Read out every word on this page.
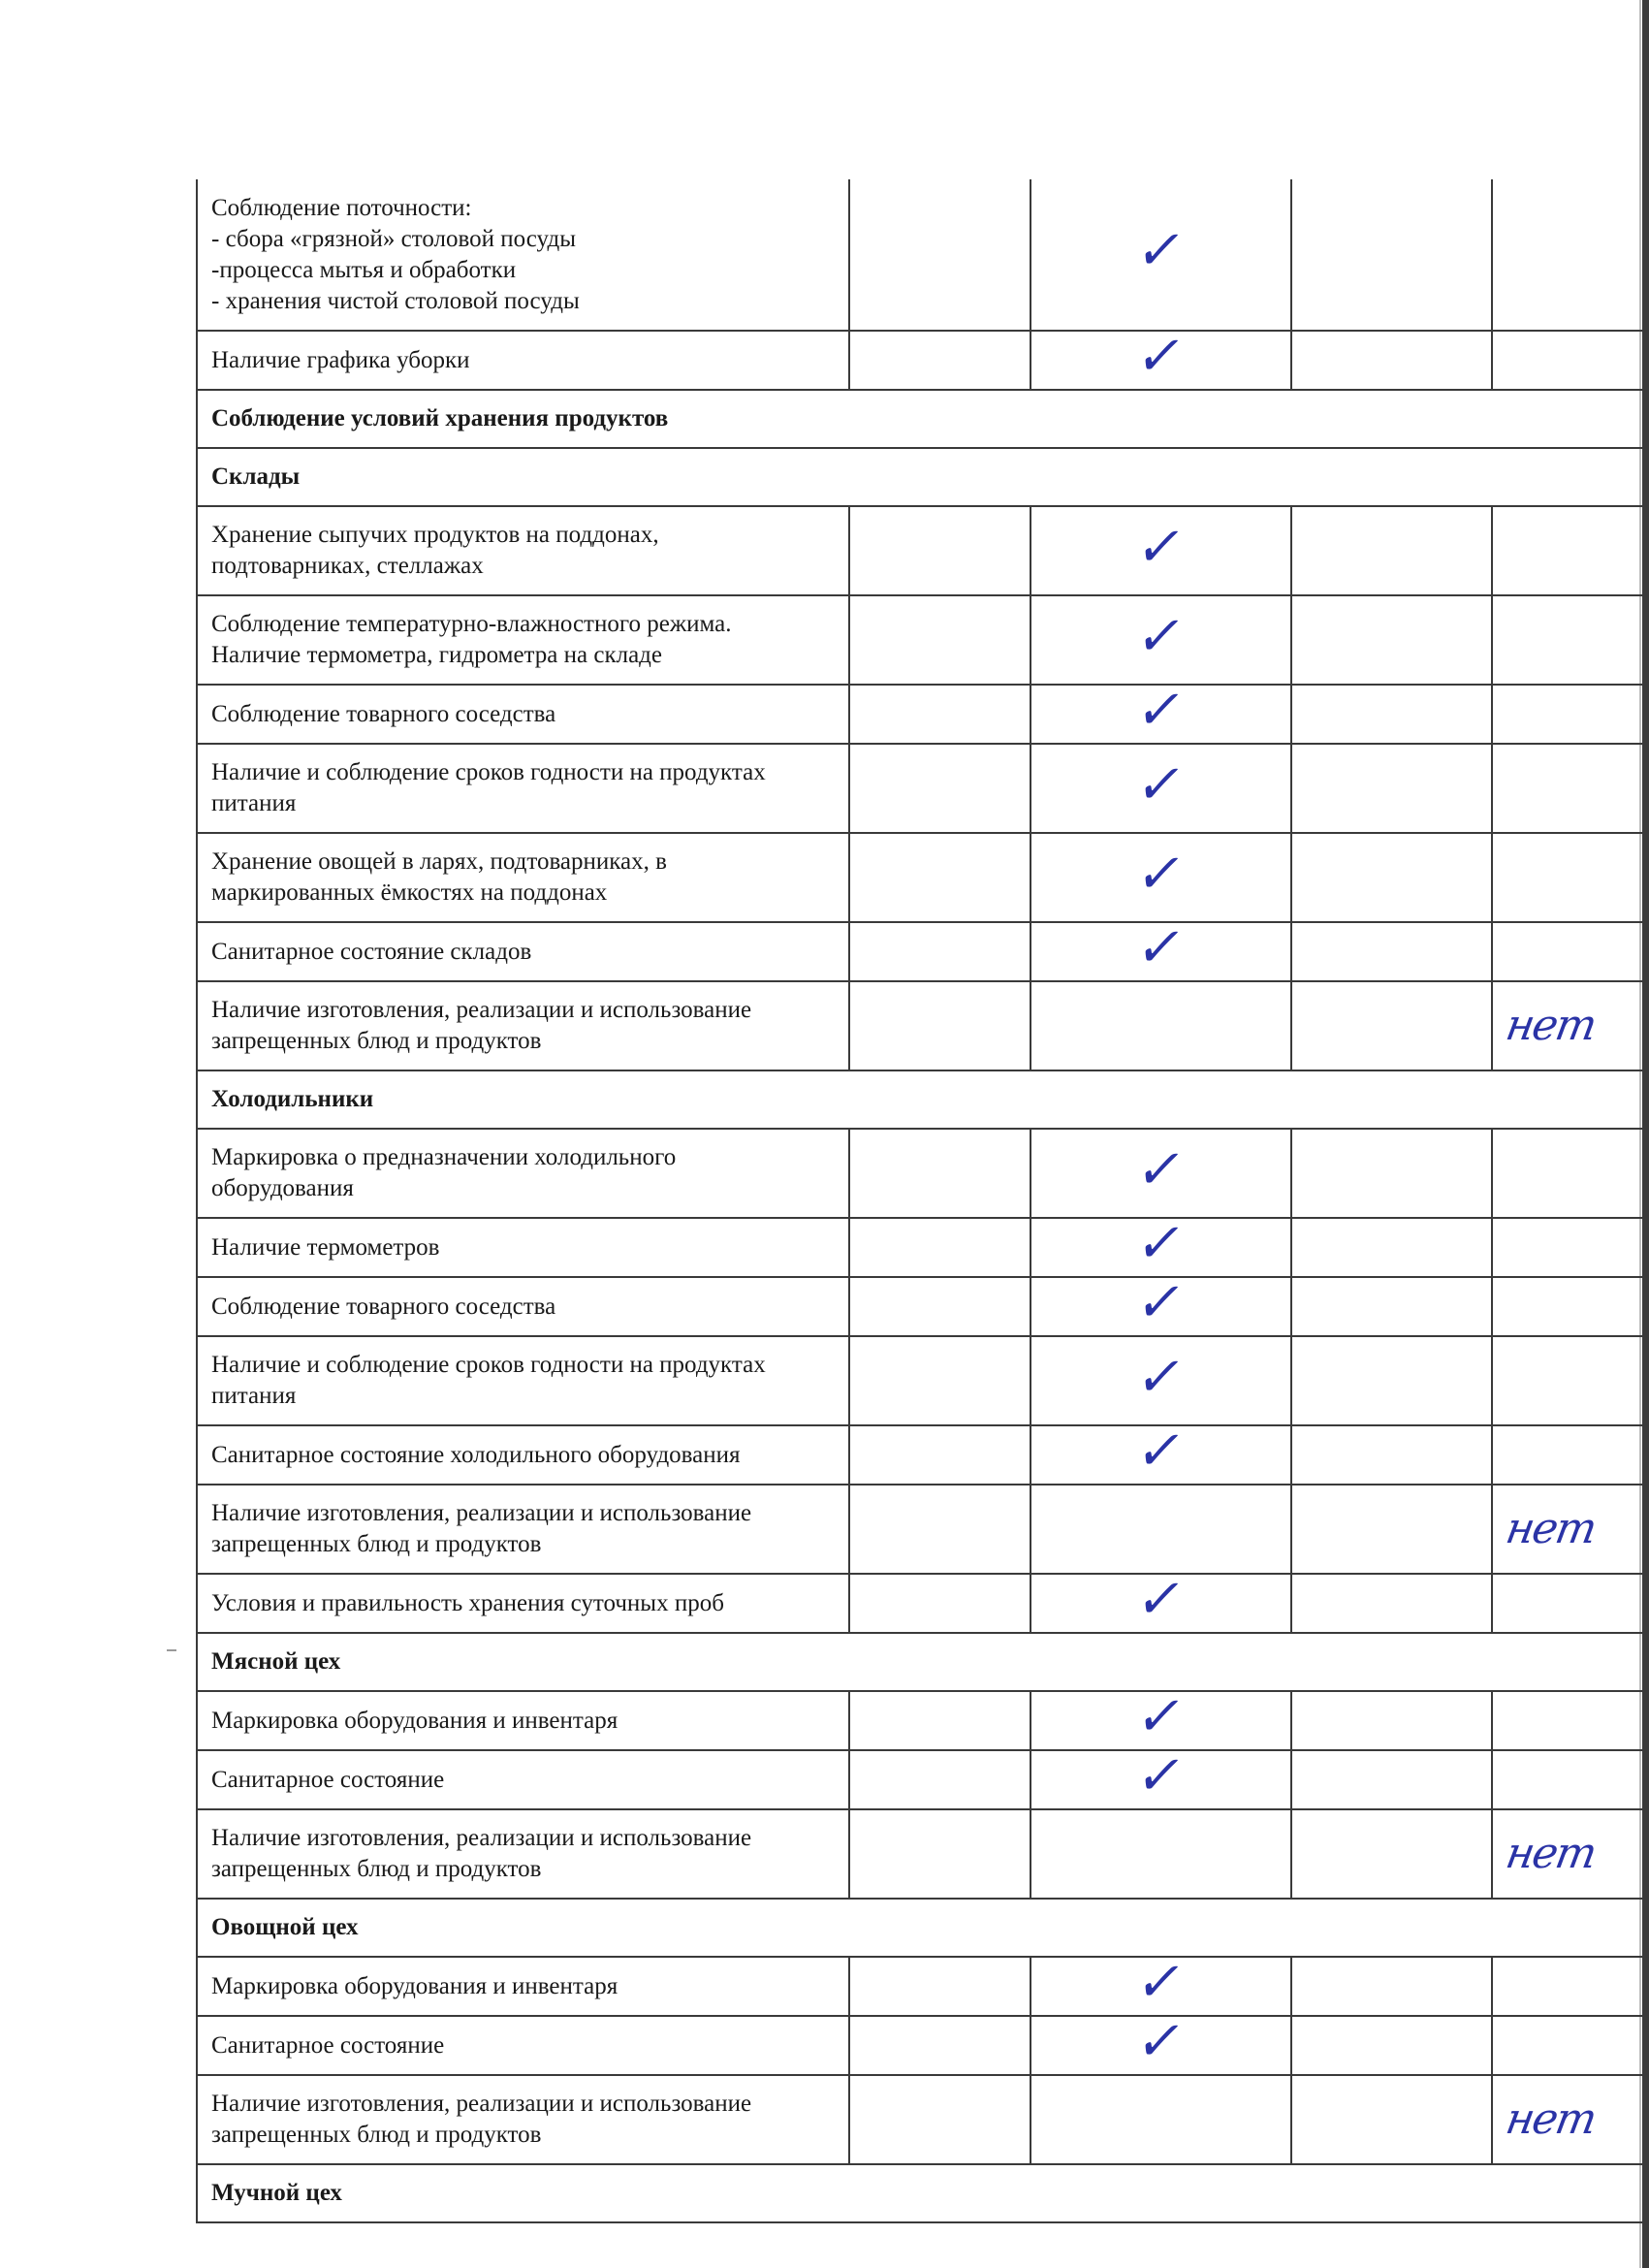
Соблюдение поточности:
- сбора «грязной» столовой посуды
-процесса мытья и обработки
- хранения чистой столовой посуды		✓		

Наличие графика уборки		✓		
Соблюдение условий хранения продуктов				
Склады				

Хранение сыпучих продуктов на поддонах,
подтоварниках, стеллажах		✓		

Соблюдение температурно-влажностного режима.
Наличие термометра, гидрометра на складе		✓		

Соблюдение товарного соседства		✓		

Наличие и соблюдение сроков годности на продуктах
питания		✓		

Хранение овощей в ларях, подтоварниках, в
маркированных ёмкостях на поддонах		✓		

Санитарное состояние складов		✓		

Наличие изготовления, реализации и использование
запрещенных блюд и продуктов				нет
Холодильники				

Маркировка о предназначении холодильного
оборудования		✓		

Наличие термометров		✓		

Соблюдение товарного соседства		✓		

Наличие и соблюдение сроков годности на продуктах
питания		✓		

Санитарное состояние холодильного оборудования		✓		

Наличие изготовления, реализации и использование
запрещенных блюд и продуктов				нет

Условия и правильность хранения суточных проб		✓		
Мясной цех				

Маркировка оборудования и инвентаря		✓		

Санитарное состояние		✓		

Наличие изготовления, реализации и использование
запрещенных блюд и продуктов				нет
Овощной цех				

Маркировка оборудования и инвентаря		✓		

Санитарное состояние		✓		

Наличие изготовления, реализации и использование
запрещенных блюд и продуктов				нет
Мучной цех				
